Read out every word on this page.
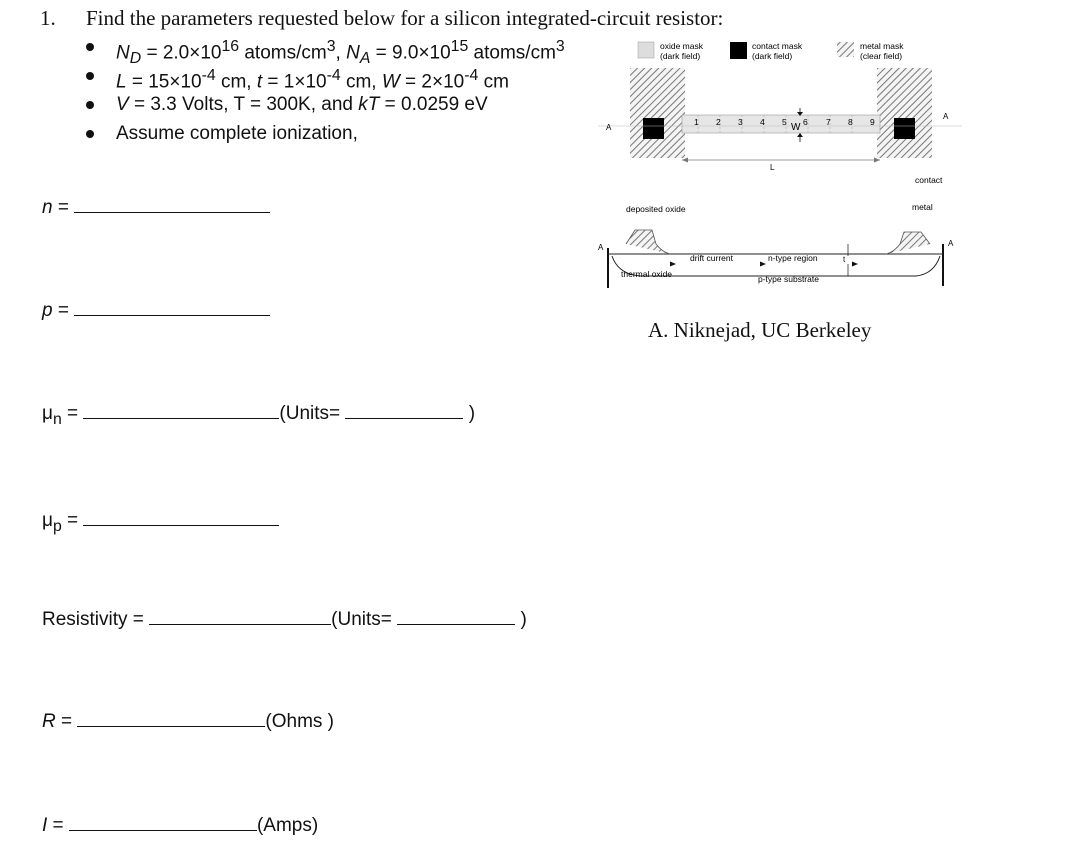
1. Find the parameters requested below for a silicon integrated-circuit resistor:
$N_D = 2.0\times 10^{16}$ atoms/$cm^3$, $N_A = 9.0\times 10^{15}$ atoms/$cm^3$
$L = 15\times 10^{-4}$ cm, $t = 1\times 10^{-4}$ cm, $W = 2\times 10^{-4}$ cm
V = 3.3 Volts, T = 300K, and kT = 0.0259 eV
Assume complete ionization,
n =
p =
$\mu_n$ =	(Units=	)
$\mu_p$ =
Resistivity =	(Units=	)
R =	(Ohms )
I =	(Amps)
oxide mask
(dark field)
contact mask
(dark field)
metal mask
(clear field)
A
A
1 2 3 4 5 6 7 8 9
W
L
contact
deposited oxide	metal
drift current	n-type region	t
thermal oxide	p-type substrate
A	A
A. Niknejad, UC Berkeley
